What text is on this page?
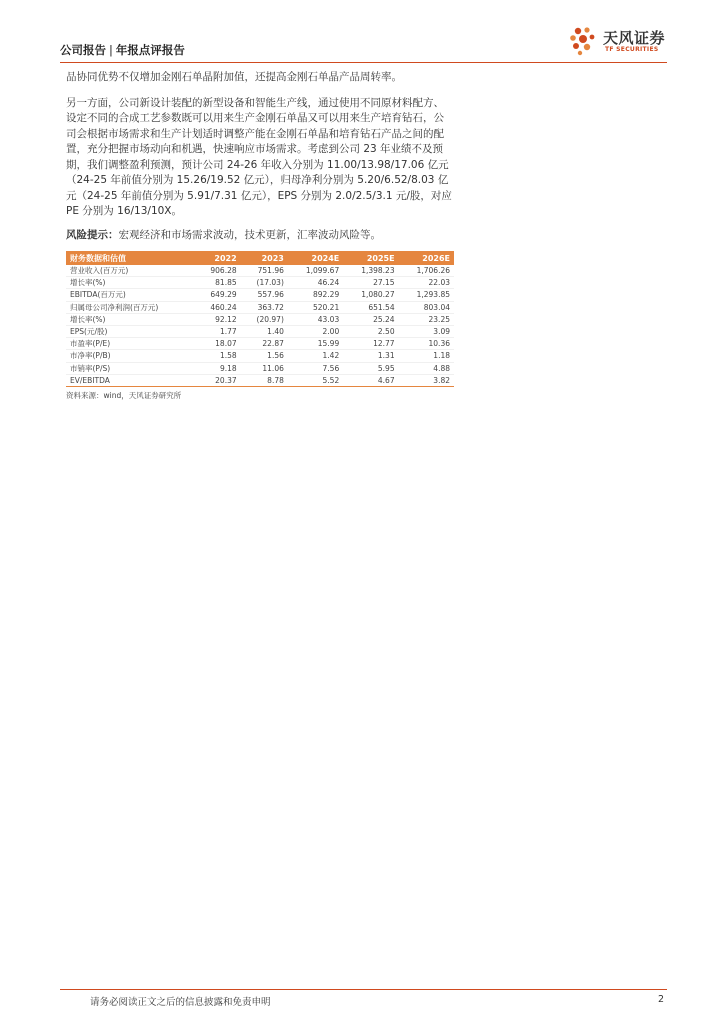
公司报告 | 年报点评报告
天风证券
TF SECURITIES

品协同优势不仅增加金刚石单晶附加值，还提高金刚石单晶产品周转率。

另一方面，公司新设计装配的新型设备和智能生产线，通过使用不同原材料配方、设定不同的合成工艺参数既可以用来生产金刚石单晶又可以用来生产培育钻石，公司会根据市场需求和生产计划适时调整产能在金刚石单晶和培育钻石产品之间的配置，充分把握市场动向和机遇，快速响应市场需求。考虑到公司 23 年业绩不及预期，我们调整盈利预测，预计公司 24-26 年收入分别为 11.00/13.98/17.06 亿元（24-25 年前值分别为 15.26/19.52 亿元），归母净利分别为 5.20/6.52/8.03 亿元（24-25 年前值分别为 5.91/7.31 亿元），EPS 分别为 2.0/2.5/3.1 元/股，对应 PE 分别为 16/13/10X。

风险提示：宏观经济和市场需求波动，技术更新，汇率波动风险等。

财务数据和估值	2022	2023	2024E	2025E	2026E
营业收入(百万元)	906.28	751.96	1,099.67	1,398.23	1,706.26
增长率(%)	81.85	(17.03)	46.24	27.15	22.03
EBITDA(百万元)	649.29	557.96	892.29	1,080.27	1,293.85
归属母公司净利润(百万元)	460.24	363.72	520.21	651.54	803.04
增长率(%)	92.12	(20.97)	43.03	25.24	23.25
EPS(元/股)	1.77	1.40	2.00	2.50	3.09
市盈率(P/E)	18.07	22.87	15.99	12.77	10.36
市净率(P/B)	1.58	1.56	1.42	1.31	1.18
市销率(P/S)	9.18	11.06	7.56	5.95	4.88
EV/EBITDA	20.37	8.78	5.52	4.67	3.82
资料来源：wind，天风证券研究所
请务必阅读正文之后的信息披露和免责申明	2
